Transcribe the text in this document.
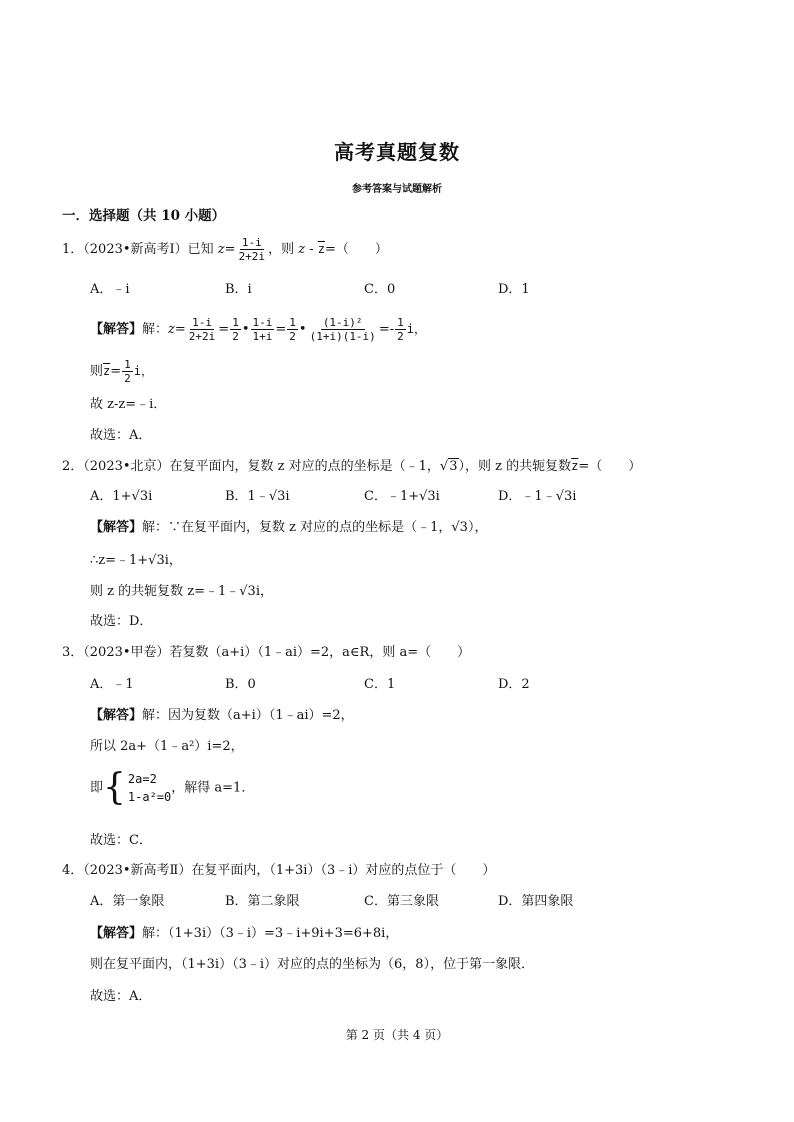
高考真题复数
参考答案与试题解析
一．选择题（共 10 小题）
1．（2023•新高考Ⅰ）已知 $z= \frac{1-i}{2+2i}$ ，则 $z - \overline{z}=$（　　）
A．﹣i	B．i	C．0	D．1
【解答】解：$z= \frac{1-i}{2+2i} = \frac{1}{2}$ • $\frac{1-i}{1+i} = \frac{1}{2}$ • $\frac{\text{(1-i)²}}{(1+i)(1-i)} =- \frac{1}{2}$ i，
则$\overline{z}= \frac{1}{2}$ i，
故 z-z=﹣i．
故选：A．
2．（2023•北京）在复平面内，复数 z 对应的点的坐标是（﹣1，√3），则 z 的共轭复数$\overline{z}=$（　　）
A．1+√3i	B．1﹣√3i	C．﹣1+√3i	D．﹣1﹣√3i
【解答】解：∵在复平面内，复数 z 对应的点的坐标是（﹣1，√3），
∴z=﹣1+√3i，
则 z 的共轭复数 z=﹣1﹣√3i，
故选：D．
3．（2023•甲卷）若复数（a+i）（1﹣ai）=2，a∈R，则 a=（　　）
A．﹣1	B．0	C．1	D．2
【解答】解：因为复数（a+i）（1﹣ai）=2，
所以 2a+（1﹣a²）i=2，
即 { 2a=2
1-a²=0
，解得 a=1．
故选：C．
4．（2023•新高考Ⅱ）在复平面内，（1+3i）（3﹣i）对应的点位于（　　）
A．第一象限	B．第二象限	C．第三象限	D．第四象限
【解答】解：（1+3i）（3﹣i）=3﹣i+9i+3=6+8i，
则在复平面内，（1+3i）（3﹣i）对应的点的坐标为（6，8），位于第一象限．
故选：A．
第 2 页（共 4 页）
